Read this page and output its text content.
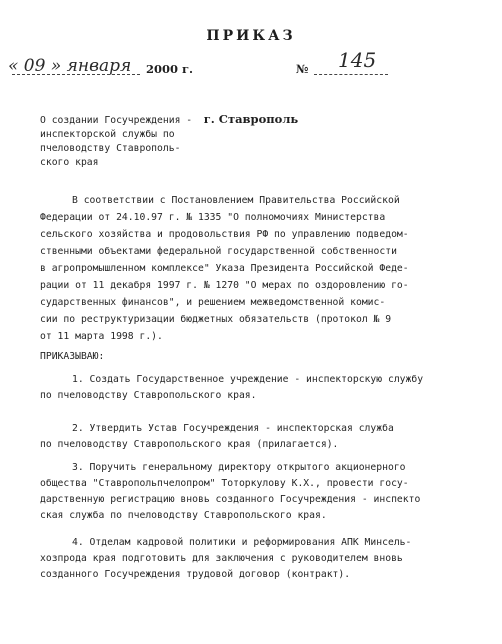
ПРИКАЗ
« 09 » января 2000 г.	№ 145
г. Ставрополь
О создании Госучреждения -
инспекторской службы по
пчеловодству Ставрополь-
ского края
В соответствии с Постановлением Правительства Российской
Федерации от 24.10.97 г. № 1335 "О полномочиях Министерства
сельского хозяйства и продовольствия РФ по управлению подведом-
ственными объектами федеральной государственной собственности
в агропромышленном комплексе" Указа Президента Российской Федe-
рации от 11 декабря 1997 г. № 1270 "О мерах по оздоровлению го-
сударственных финансов", и решением межведомственной комис-
сии по реструктуризации бюджетных обязательств (протокол № 9
от 11 марта 1998 г.).
ПРИКАЗЫВАЮ:
1. Создать Государственное учреждение - инспекторскую службу
по пчеловодству Ставропольского края.
2. Утвердить Устав Госучреждения - инспекторская служба
по пчеловодству Ставропольского края (прилагается).
3. Поручить генеральному директору открытого акционерного
общества "Ставропольпчелопром" Тоторкулову К.Х., провести госу-
дарственную регистрацию вновь созданного Госучреждения - инспекто
ская служба по пчеловодству Ставропольского края.
4. Отделам кадровой политики и реформирования АПК Минсель-
хозпрода края подготовить для заключения с руководителем вновь
созданного Госучреждения трудовой договор (контракт).
